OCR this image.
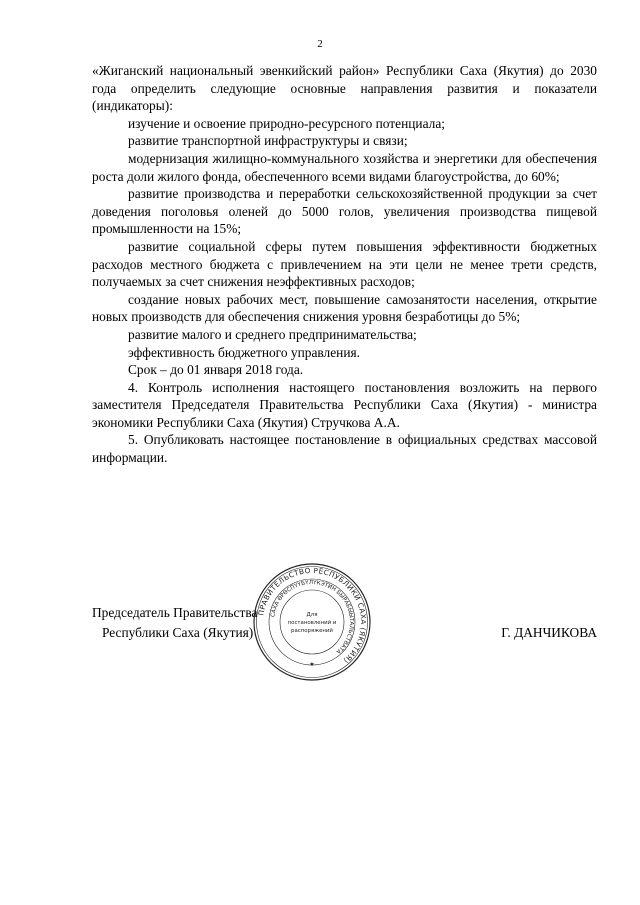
2

«Жиганский национальный эвенкийский район» Республики Саха (Якутия) до 2030 года определить следующие основные направления развития и показатели (индикаторы):

изучение и освоение природно-ресурсного потенциала;

развитие транспортной инфраструктуры и связи;

модернизация жилищно-коммунального хозяйства и энергетики для обеспечения роста доли жилого фонда, обеспеченного всеми видами благоустройства, до 60%;

развитие производства и переработки сельскохозяйственной продукции за счет доведения поголовья оленей до 5000 голов, увеличения производства пищевой промышленности на 15%;

развитие социальной сферы путем повышения эффективности бюджетных расходов местного бюджета с привлечением на эти цели не менее трети средств, получаемых за счет снижения неэффективных расходов;

создание новых рабочих мест, повышение самозанятости населения, открытие новых производств для обеспечения снижения уровня безработицы до 5%;

развитие малого и среднего предпринимательства;

эффективность бюджетного управления.

Срок – до 01 января 2018 года.

4. Контроль исполнения настоящего постановления возложить на первого заместителя Председателя Правительства Республики Саха (Якутия) - министра экономики Республики Саха (Якутия) Стручкова А.А.

5. Опубликовать настоящее постановление в официальных средствах массовой информации.

Председатель Правительства
Республики Саха (Якутия)	Г. ДАНЧИКОВА
ПРАВИТЕЛЬСТВО РЕСПУБЛИКИ САХА (ЯКУТИЯ)
САХА ӨРӨСПҮҮБҮЛҮКЭТИН БЫРАБЫЫТАЛЬСТВАТА
Для
постановлений и
распоряжений
★
